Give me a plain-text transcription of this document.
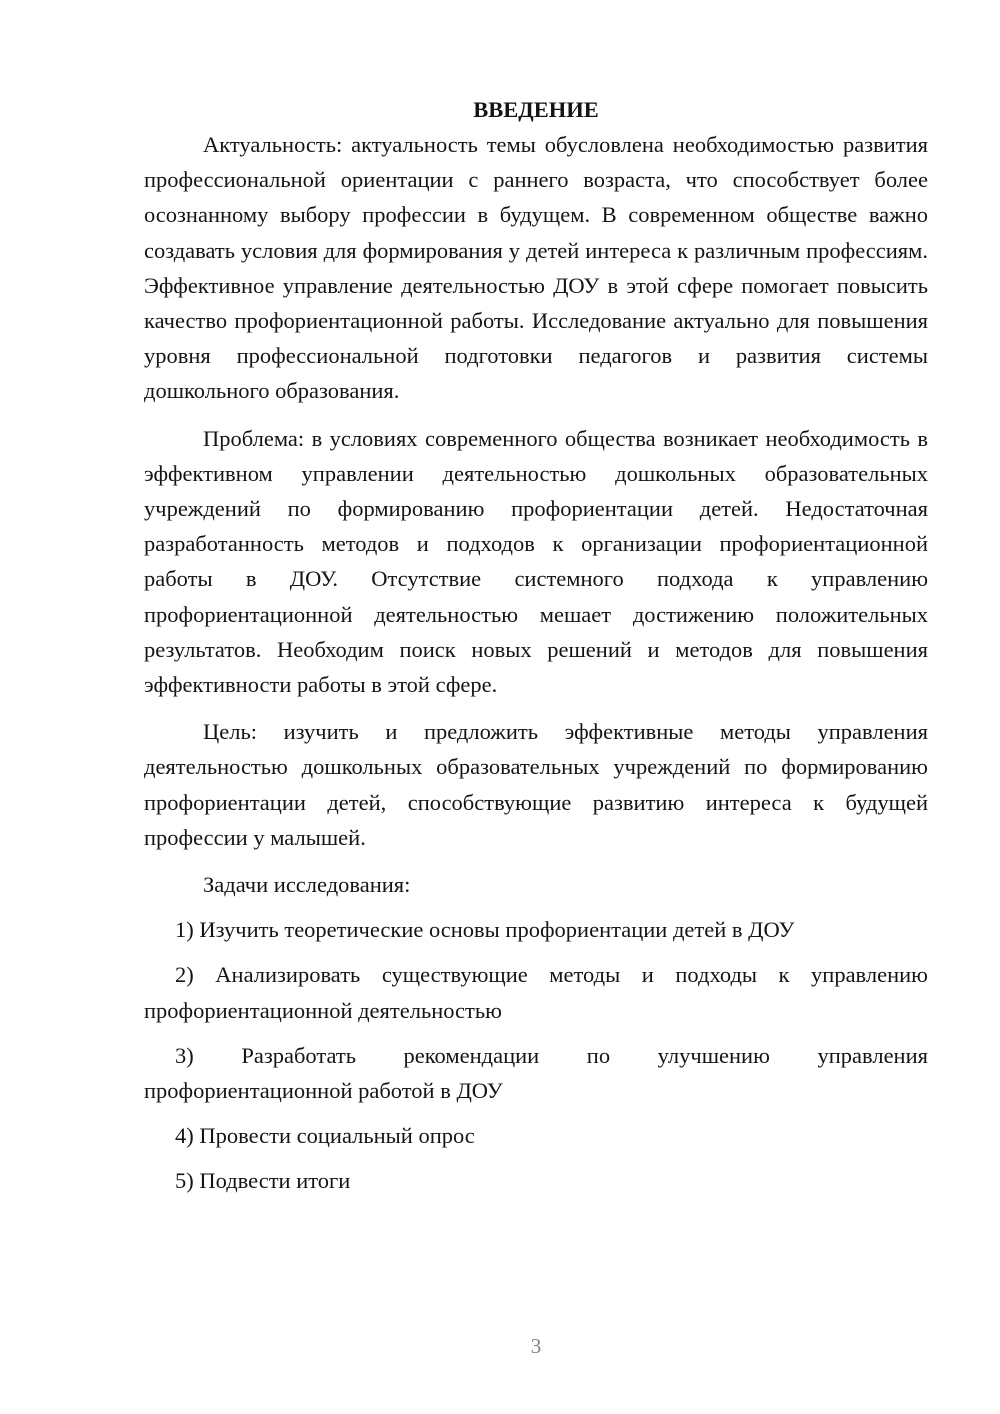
ВВЕДЕНИЕ

Актуальность: актуальность темы обусловлена необходимостью развития профессиональной ориентации с раннего возраста, что способствует более осознанному выбору профессии в будущем. В современном обществе важно создавать условия для формирования у детей интереса к различным профессиям. Эффективное управление деятельностью ДОУ в этой сфере помогает повысить качество профориентационной работы. Исследование актуально для повышения уровня профессиональной подготовки педагогов и развития системы дошкольного образования.

Проблема: в условиях современного общества возникает необходимость в эффективном управлении деятельностью дошкольных образовательных учреждений по формированию профориентации детей. Недостаточная разработанность методов и подходов к организации профориентационной работы в ДОУ. Отсутствие системного подхода к управлению профориентационной деятельностью мешает достижению положительных результатов. Необходим поиск новых решений и методов для повышения эффективности работы в этой сфере.

Цель: изучить и предложить эффективные методы управления деятельностью дошкольных образовательных учреждений по формированию профориентации детей, способствующие развитию интереса к будущей профессии у малышей.

Задачи исследования:

1) Изучить теоретические основы профориентации детей в ДОУ

2) Анализировать существующие методы и подходы к управлению профориентационной деятельностью

3) Разработать рекомендации по улучшению управления профориентационной работой в ДОУ

4) Провести социальный опрос

5) Подвести итоги

3
